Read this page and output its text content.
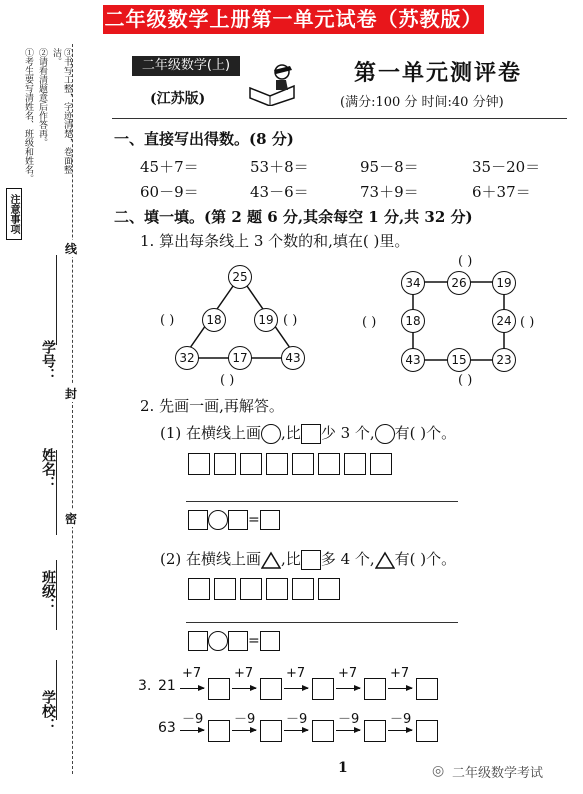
二年级数学上册第一单元试卷（苏教版）
注意事项
①考生要写清姓名、班级和姓名。 ②请看清题意后作答再。	③书写工整，字迹清楚，卷面整洁。
学校：
班级：
姓名：
学号：
密
封
线
二年级数学(上)
(江苏版)
第一单元测评卷
(满分:100 分 时间:40 分钟)
一、直接写出得数。(8 分)
45＋7＝	53＋8＝	95－8＝	35－20＝
60－9＝	43－6＝	73＋9＝	6＋37＝
二、填一填。(第 2 题 6 分,其余每空 1 分,共 32 分)
1. 算出每条线上 3 个数的和,填在( )里。
25
18	19
32	17	43
( )	( )
( )
34	26	19
18	24
43	15	23
( )
( )	( )
( )
2. 先画一画,再解答。
(1) 在横线上画 ,比 少 3 个, 有( )个。
=
(2) 在横线上画 ,比 多 4 个, 有( )个。
=
3. 21
63
+7	+7	+7	+7	+7
－9 －9 －9 －9 －9
1	◎ 二年级数学考试
